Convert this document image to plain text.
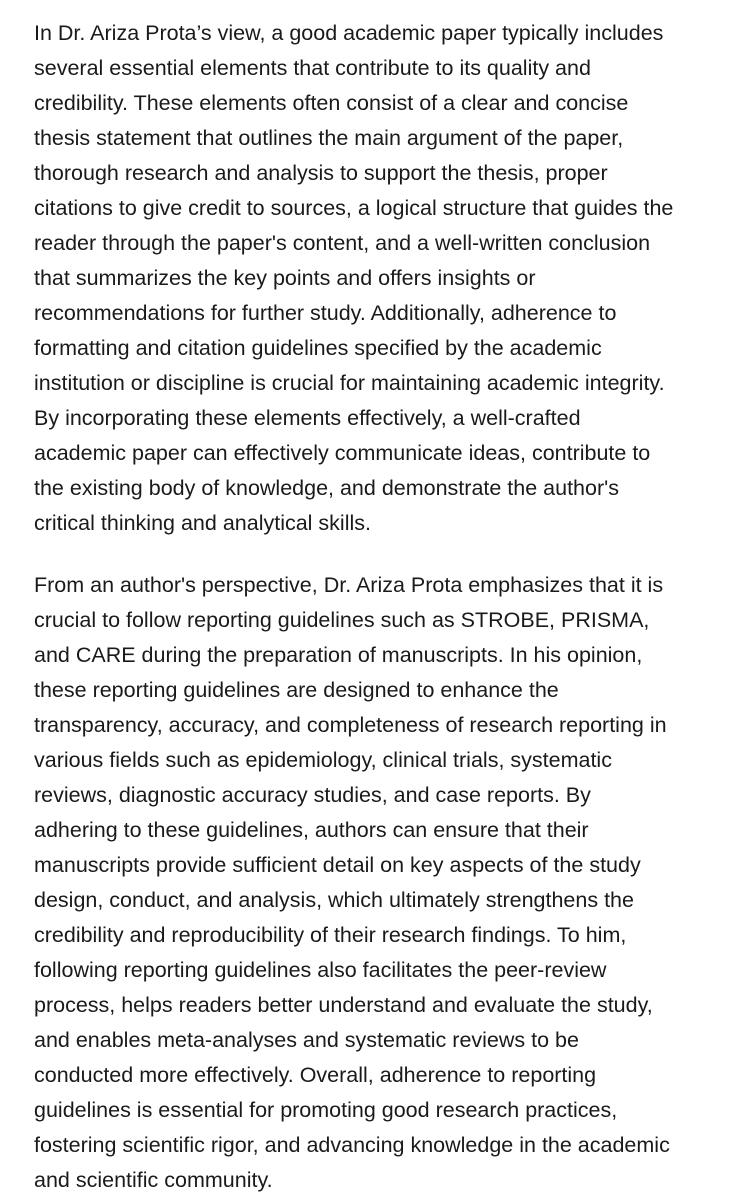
In Dr. Ariza Prota’s view, a good academic paper typically includes
several essential elements that contribute to its quality and
credibility. These elements often consist of a clear and concise
thesis statement that outlines the main argument of the paper,
thorough research and analysis to support the thesis, proper
citations to give credit to sources, a logical structure that guides the
reader through the paper's content, and a well-written conclusion
that summarizes the key points and offers insights or
recommendations for further study. Additionally, adherence to
formatting and citation guidelines specified by the academic
institution or discipline is crucial for maintaining academic integrity.
By incorporating these elements effectively, a well-crafted
academic paper can effectively communicate ideas, contribute to
the existing body of knowledge, and demonstrate the author's
critical thinking and analytical skills.

From an author's perspective, Dr. Ariza Prota emphasizes that it is
crucial to follow reporting guidelines such as STROBE, PRISMA,
and CARE during the preparation of manuscripts. In his opinion,
these reporting guidelines are designed to enhance the
transparency, accuracy, and completeness of research reporting in
various fields such as epidemiology, clinical trials, systematic
reviews, diagnostic accuracy studies, and case reports. By
adhering to these guidelines, authors can ensure that their
manuscripts provide sufficient detail on key aspects of the study
design, conduct, and analysis, which ultimately strengthens the
credibility and reproducibility of their research findings. To him,
following reporting guidelines also facilitates the peer-review
process, helps readers better understand and evaluate the study,
and enables meta-analyses and systematic reviews to be
conducted more effectively. Overall, adherence to reporting
guidelines is essential for promoting good research practices,
fostering scientific rigor, and advancing knowledge in the academic
and scientific community.
